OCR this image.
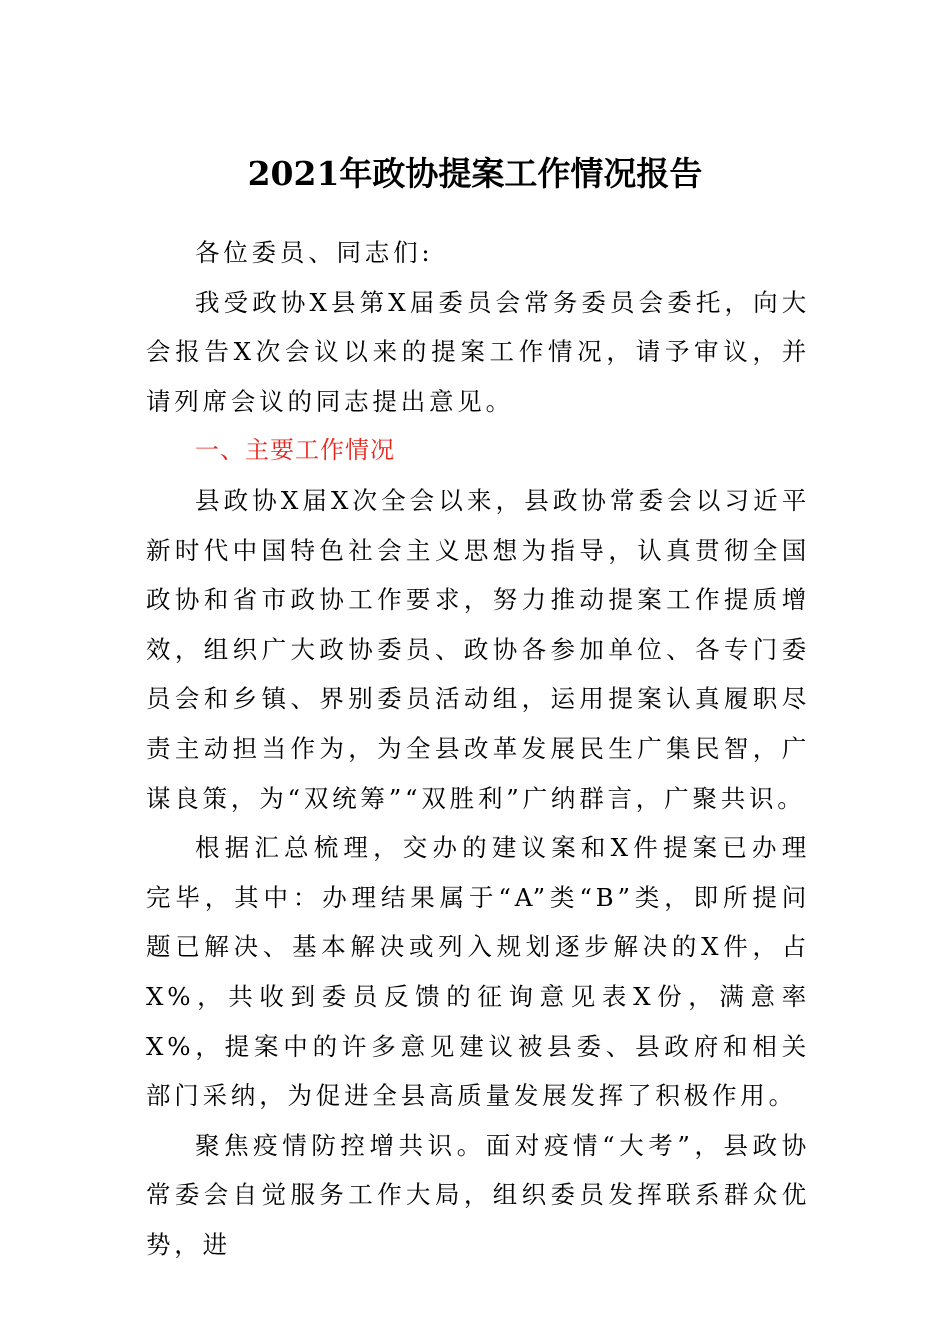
2021年政协提案工作情况报告

各位委员、同志们:

我受政协X县第X届委员会常务委员会委托，向大会报告X次会议以来的提案工作情况，请予审议，并请列席会议的同志提出意见。

一、主要工作情况

县政协X届X次全会以来，县政协常委会以习近平新时代中国特色社会主义思想为指导，认真贯彻全国政协和省市政协工作要求，努力推动提案工作提质增效，组织广大政协委员、政协各参加单位、各专门委员会和乡镇、界别委员活动组，运用提案认真履职尽责主动担当作为，为全县改革发展民生广集民智，广谋良策，为“双统筹”“双胜利”广纳群言，广聚共识。

根据汇总梳理，交办的建议案和X件提案已办理完毕，其中：办理结果属于“A”类“B”类，即所提问题已解决、基本解决或列入规划逐步解决的X件，占X%，共收到委员反馈的征询意见表X份，满意率X%，提案中的许多意见建议被县委、县政府和相关部门采纳，为促进全县高质量发展发挥了积极作用。

聚焦疫情防控增共识。面对疫情“大考”，县政协常委会自觉服务工作大局，组织委员发挥联系群众优势，进
